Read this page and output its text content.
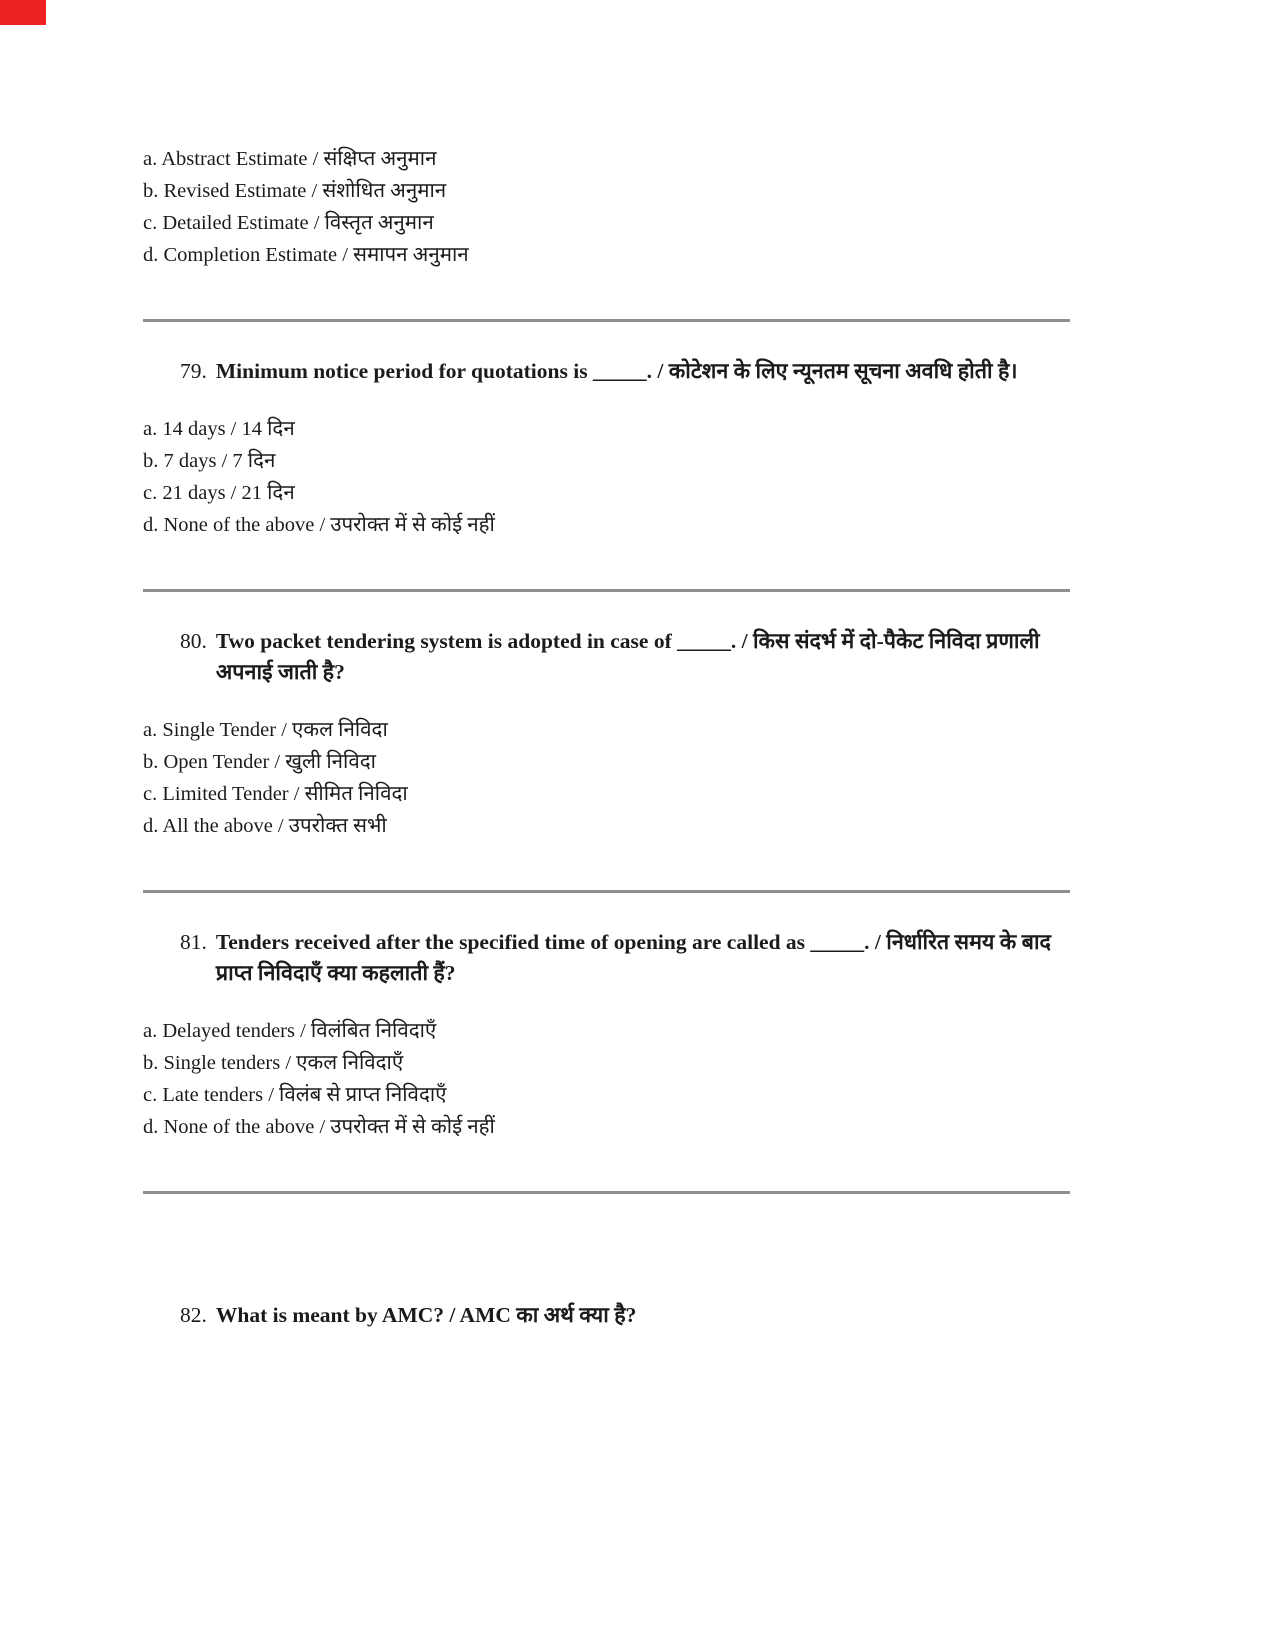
a. Abstract Estimate / संक्षिप्त अनुमान

b. Revised Estimate / संशोधित अनुमान

c. Detailed Estimate / विस्तृत अनुमान

d. Completion Estimate / समापन अनुमान

79. Minimum notice period for quotations is _____. / कोटेशन के लिए न्यूनतम सूचना अवधि होती है।

a. 14 days / 14 दिन

b. 7 days / 7 दिन

c. 21 days / 21 दिन

d. None of the above / उपरोक्त में से कोई नहीं

80. Two packet tendering system is adopted in case of _____. / किस संदर्भ में दो-पैकेट निविदा प्रणाली अपनाई जाती है?

a. Single Tender / एकल निविदा

b. Open Tender / खुली निविदा

c. Limited Tender / सीमित निविदा

d. All the above / उपरोक्त सभी

81. Tenders received after the specified time of opening are called as _____. / निर्धारित समय के बाद प्राप्त निविदाएँ क्या कहलाती हैं?

a. Delayed tenders / विलंबित निविदाएँ

b. Single tenders / एकल निविदाएँ

c. Late tenders / विलंब से प्राप्त निविदाएँ

d. None of the above / उपरोक्त में से कोई नहीं

82. What is meant by AMC? / AMC का अर्थ क्या है?
